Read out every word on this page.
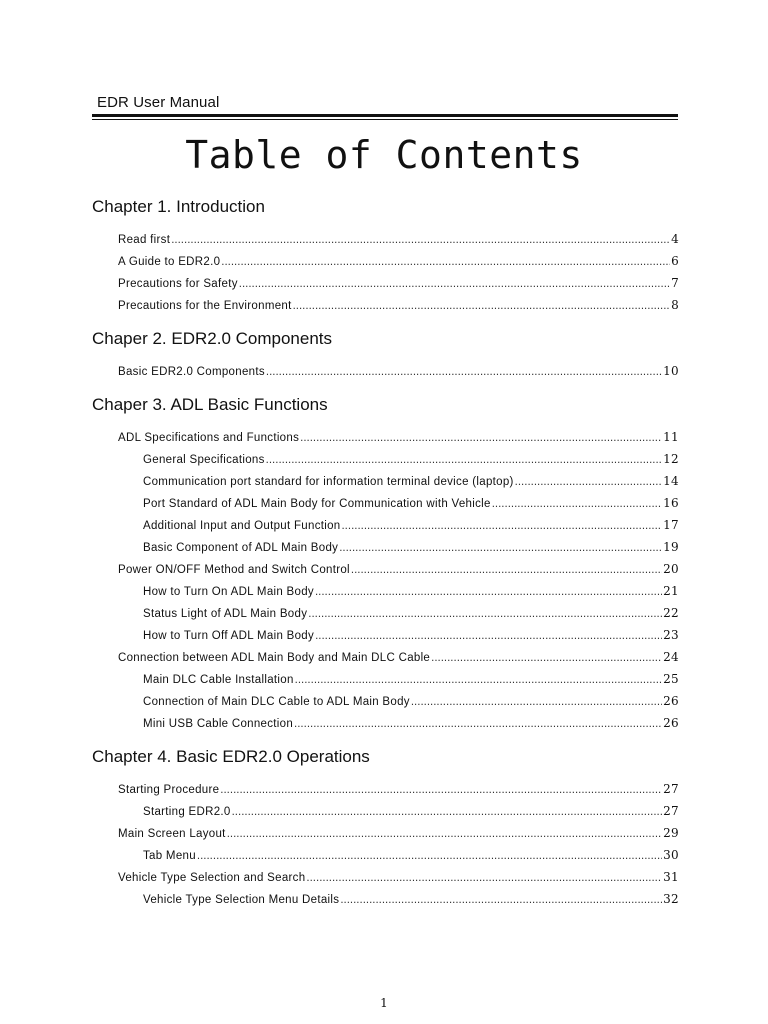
EDR User Manual
Table of Contents
Chapter 1. Introduction
Read first .....	4
A Guide to EDR2.0 .....	6
Precautions for Safety .....	7
Precautions for the Environment .....	8
Chaper 2. EDR2.0 Components
Basic EDR2.0 Components .....	10
Chaper 3. ADL Basic Functions
ADL Specifications and Functions .....	11
General Specifications .....	12
Communication port standard for information terminal device (laptop) .....	14
Port Standard of ADL Main Body for Communication with Vehicle .....	16
Additional Input and Output Function .....	17
Basic Component of ADL Main Body .....	19
Power ON/OFF Method and Switch Control .....	20
How to Turn On ADL Main Body .....	21
Status Light of ADL Main Body .....	22
How to Turn Off ADL Main Body .....	23
Connection between ADL Main Body and Main DLC Cable .....	24
Main DLC Cable Installation .....	25
Connection of Main DLC Cable to ADL Main Body .....	26
Mini USB Cable Connection .....	26
Chapter 4. Basic EDR2.0 Operations
Starting Procedure .....	27
Starting EDR2.0 .....	27
Main Screen Layout .....	29
Tab Menu .....	30
Vehicle Type Selection and Search .....	31
Vehicle Type Selection Menu Details .....	32
1
